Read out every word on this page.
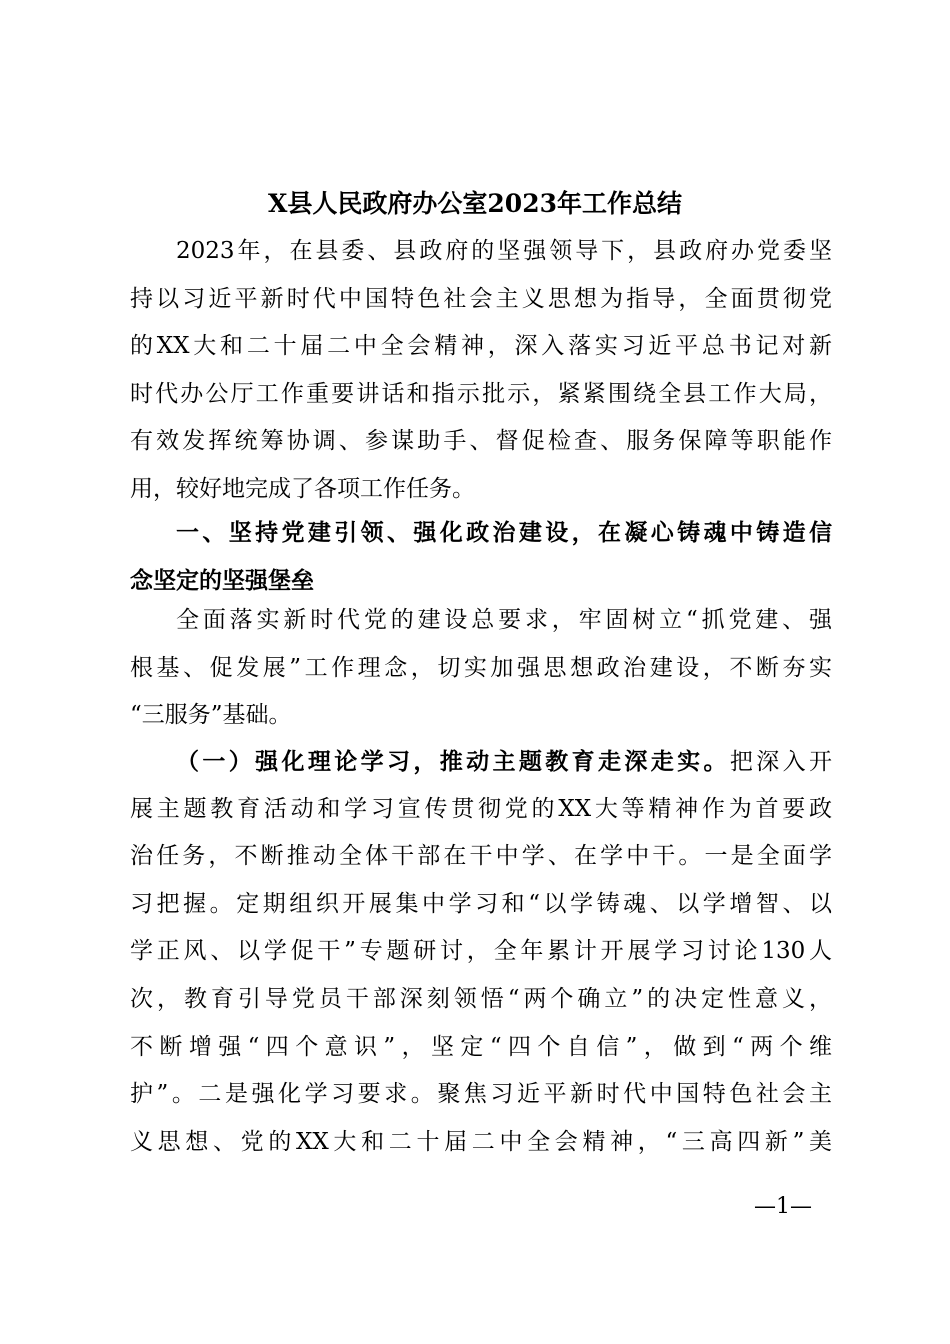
X县人民政府办公室2023年工作总结
2023年，在县委、县政府的坚强领导下，县政府办党委坚
持以习近平新时代中国特色社会主义思想为指导，全面贯彻党
的XX大和二十届二中全会精神，深入落实习近平总书记对新
时代办公厅工作重要讲话和指示批示，紧紧围绕全县工作大局，
有效发挥统筹协调、参谋助手、督促检查、服务保障等职能作
用，较好地完成了各项工作任务。
一、坚持党建引领、强化政治建设，在凝心铸魂中铸造信
念坚定的坚强堡垒
全面落实新时代党的建设总要求，牢固树立“抓党建、强
根基、促发展”工作理念，切实加强思想政治建设，不断夯实
“三服务”基础。
（一）强化理论学习，推动主题教育走深走实。把深入开
展主题教育活动和学习宣传贯彻党的XX大等精神作为首要政
治任务，不断推动全体干部在干中学、在学中干。一是全面学
习把握。定期组织开展集中学习和“以学铸魂、以学增智、以
学正风、以学促干”专题研讨，全年累计开展学习讨论130人
次，教育引导党员干部深刻领悟“两个确立”的决定性意义，
不断增强“四个意识”，坚定“四个自信”，做到“两个维
护”。二是强化学习要求。聚焦习近平新时代中国特色社会主
义思想、党的XX大和二十届二中全会精神，“三高四新”美
—1—
